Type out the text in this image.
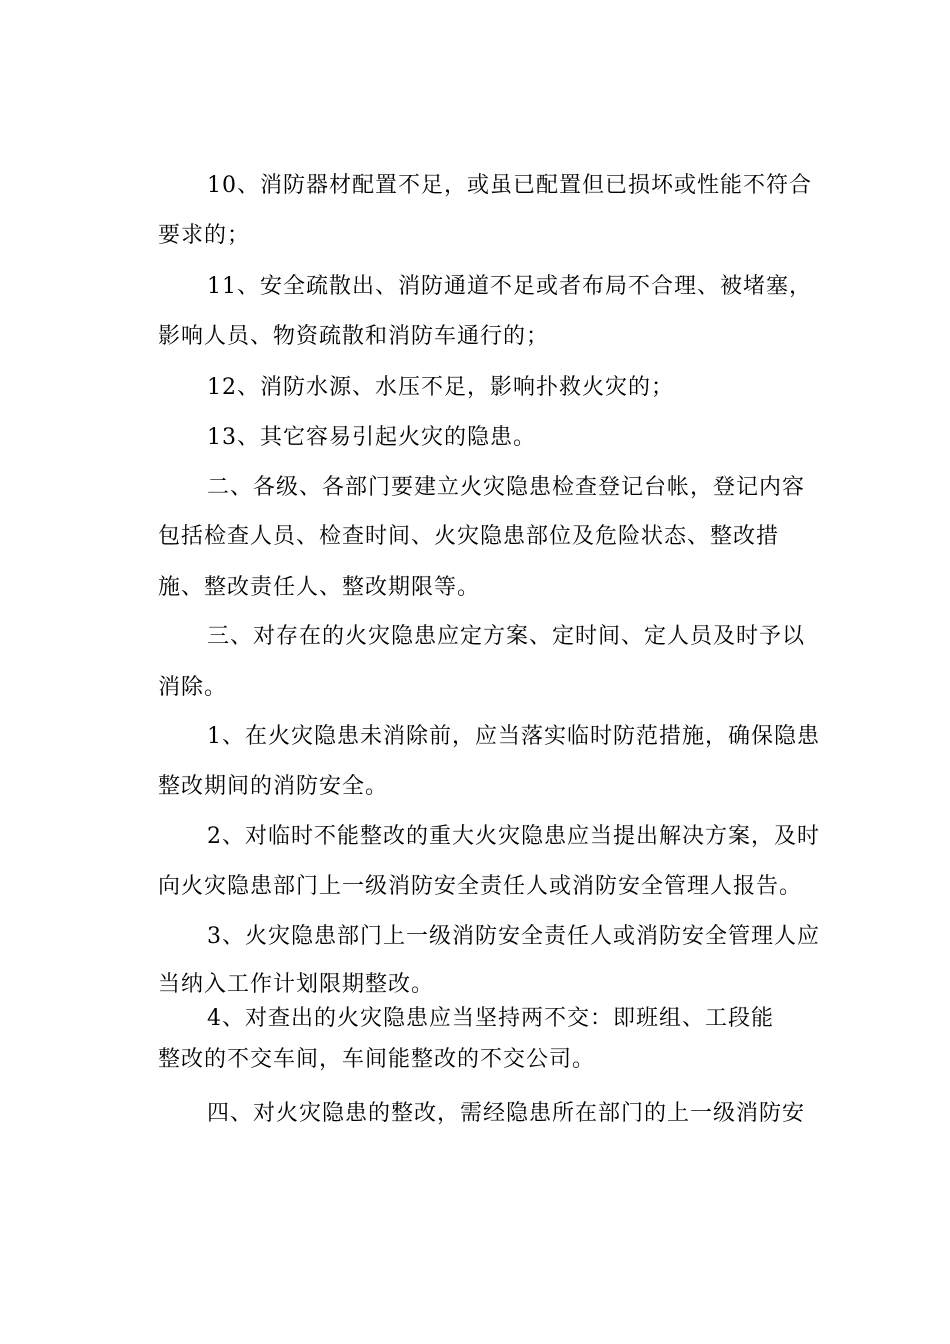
10、消防器材配置不足，或虽已配置但已损坏或性能不符合
要求的；
11、安全疏散出、消防通道不足或者布局不合理、被堵塞，
影响人员、物资疏散和消防车通行的；
12、消防水源、水压不足，影响扑救火灾的；
13、其它容易引起火灾的隐患。
二、各级、各部门要建立火灾隐患检查登记台帐，登记内容
包括检查人员、检查时间、火灾隐患部位及危险状态、整改措
施、整改责任人、整改期限等。
三、对存在的火灾隐患应定方案、定时间、定人员及时予以
消除。
1、在火灾隐患未消除前，应当落实临时防范措施，确保隐患
整改期间的消防安全。
2、对临时不能整改的重大火灾隐患应当提出解决方案，及时
向火灾隐患部门上一级消防安全责任人或消防安全管理人报告。
3、火灾隐患部门上一级消防安全责任人或消防安全管理人应
当纳入工作计划限期整改。
4、对查出的火灾隐患应当坚持两不交：即班组、工段能
整改的不交车间，车间能整改的不交公司。
四、对火灾隐患的整改，需经隐患所在部门的上一级消防安
